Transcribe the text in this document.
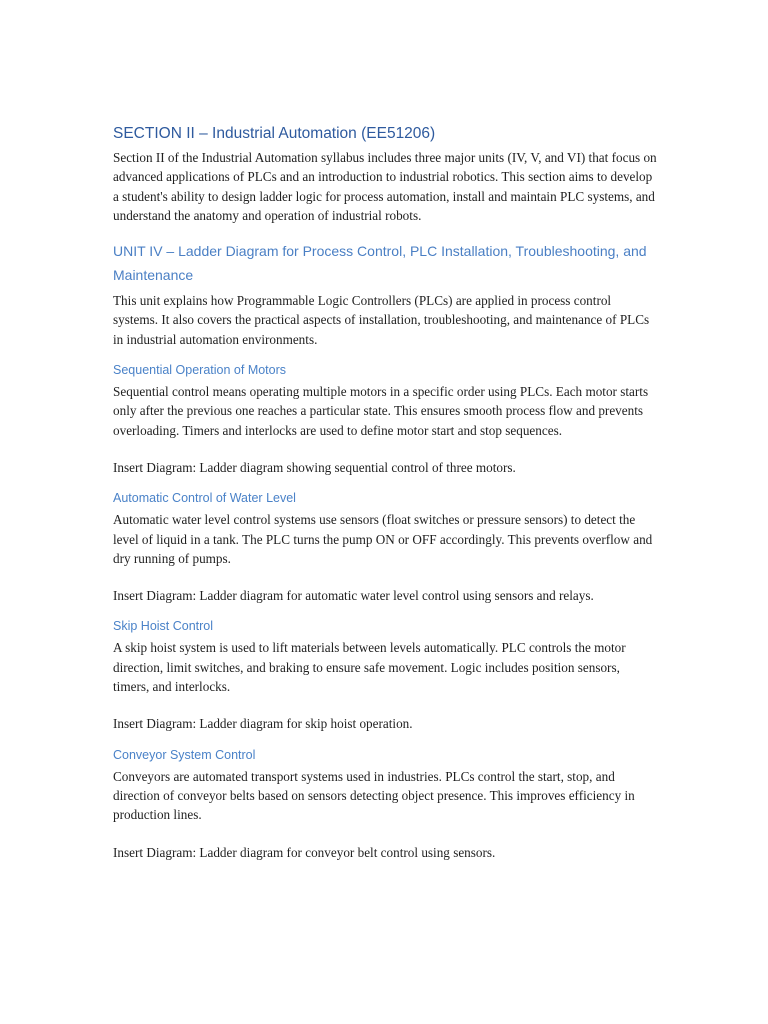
SECTION II – Industrial Automation (EE51206)

Section II of the Industrial Automation syllabus includes three major units (IV, V, and VI) that focus on advanced applications of PLCs and an introduction to industrial robotics. This section aims to develop a student's ability to design ladder logic for process automation, install and maintain PLC systems, and understand the anatomy and operation of industrial robots.

UNIT IV – Ladder Diagram for Process Control, PLC Installation, Troubleshooting, and Maintenance

This unit explains how Programmable Logic Controllers (PLCs) are applied in process control systems. It also covers the practical aspects of installation, troubleshooting, and maintenance of PLCs in industrial automation environments.

Sequential Operation of Motors

Sequential control means operating multiple motors in a specific order using PLCs. Each motor starts only after the previous one reaches a particular state. This ensures smooth process flow and prevents overloading. Timers and interlocks are used to define motor start and stop sequences.

Insert Diagram: Ladder diagram showing sequential control of three motors.

Automatic Control of Water Level

Automatic water level control systems use sensors (float switches or pressure sensors) to detect the level of liquid in a tank. The PLC turns the pump ON or OFF accordingly. This prevents overflow and dry running of pumps.

Insert Diagram: Ladder diagram for automatic water level control using sensors and relays.

Skip Hoist Control

A skip hoist system is used to lift materials between levels automatically. PLC controls the motor direction, limit switches, and braking to ensure safe movement. Logic includes position sensors, timers, and interlocks.

Insert Diagram: Ladder diagram for skip hoist operation.

Conveyor System Control

Conveyors are automated transport systems used in industries. PLCs control the start, stop, and direction of conveyor belts based on sensors detecting object presence. This improves efficiency in production lines.

Insert Diagram: Ladder diagram for conveyor belt control using sensors.
